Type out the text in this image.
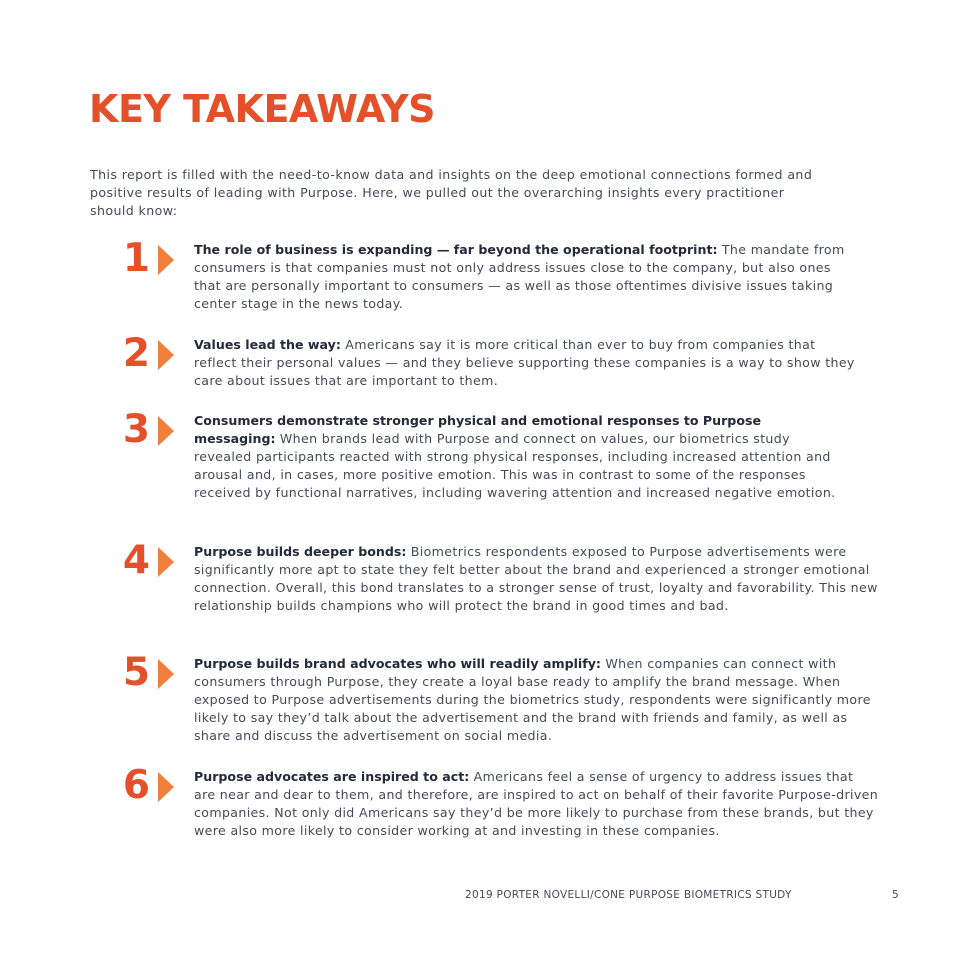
KEY TAKEAWAYS

This report is filled with the need-to-know data and insights on the deep emotional connections formed and positive results of leading with Purpose. Here, we pulled out the overarching insights every practitioner should know:

1	The role of business is expanding — far beyond the operational footprint: The mandate from consumers is that companies must not only address issues close to the company, but also ones that are personally important to consumers — as well as those oftentimes divisive issues taking center stage in the news today.

2	Values lead the way: Americans say it is more critical than ever to buy from companies that reflect their personal values — and they believe supporting these companies is a way to show they care about issues that are important to them.

3	Consumers demonstrate stronger physical and emotional responses to Purpose messaging: When brands lead with Purpose and connect on values, our biometrics study revealed participants reacted with strong physical responses, including increased attention and arousal and, in cases, more positive emotion. This was in contrast to some of the responses received by functional narratives, including wavering attention and increased negative emotion.

4	Purpose builds deeper bonds: Biometrics respondents exposed to Purpose advertisements were significantly more apt to state they felt better about the brand and experienced a stronger emotional connection. Overall, this bond translates to a stronger sense of trust, loyalty and favorability. This new relationship builds champions who will protect the brand in good times and bad.

5	Purpose builds brand advocates who will readily amplify: When companies can connect with consumers through Purpose, they create a loyal base ready to amplify the brand message. When exposed to Purpose advertisements during the biometrics study, respondents were significantly more likely to say they’d talk about the advertisement and the brand with friends and family, as well as share and discuss the advertisement on social media.

6	Purpose advocates are inspired to act: Americans feel a sense of urgency to address issues that are near and dear to them, and therefore, are inspired to act on behalf of their favorite Purpose-driven companies. Not only did Americans say they’d be more likely to purchase from these brands, but they were also more likely to consider working at and investing in these companies.

2019 PORTER NOVELLI/CONE PURPOSE BIOMETRICS STUDY	5
